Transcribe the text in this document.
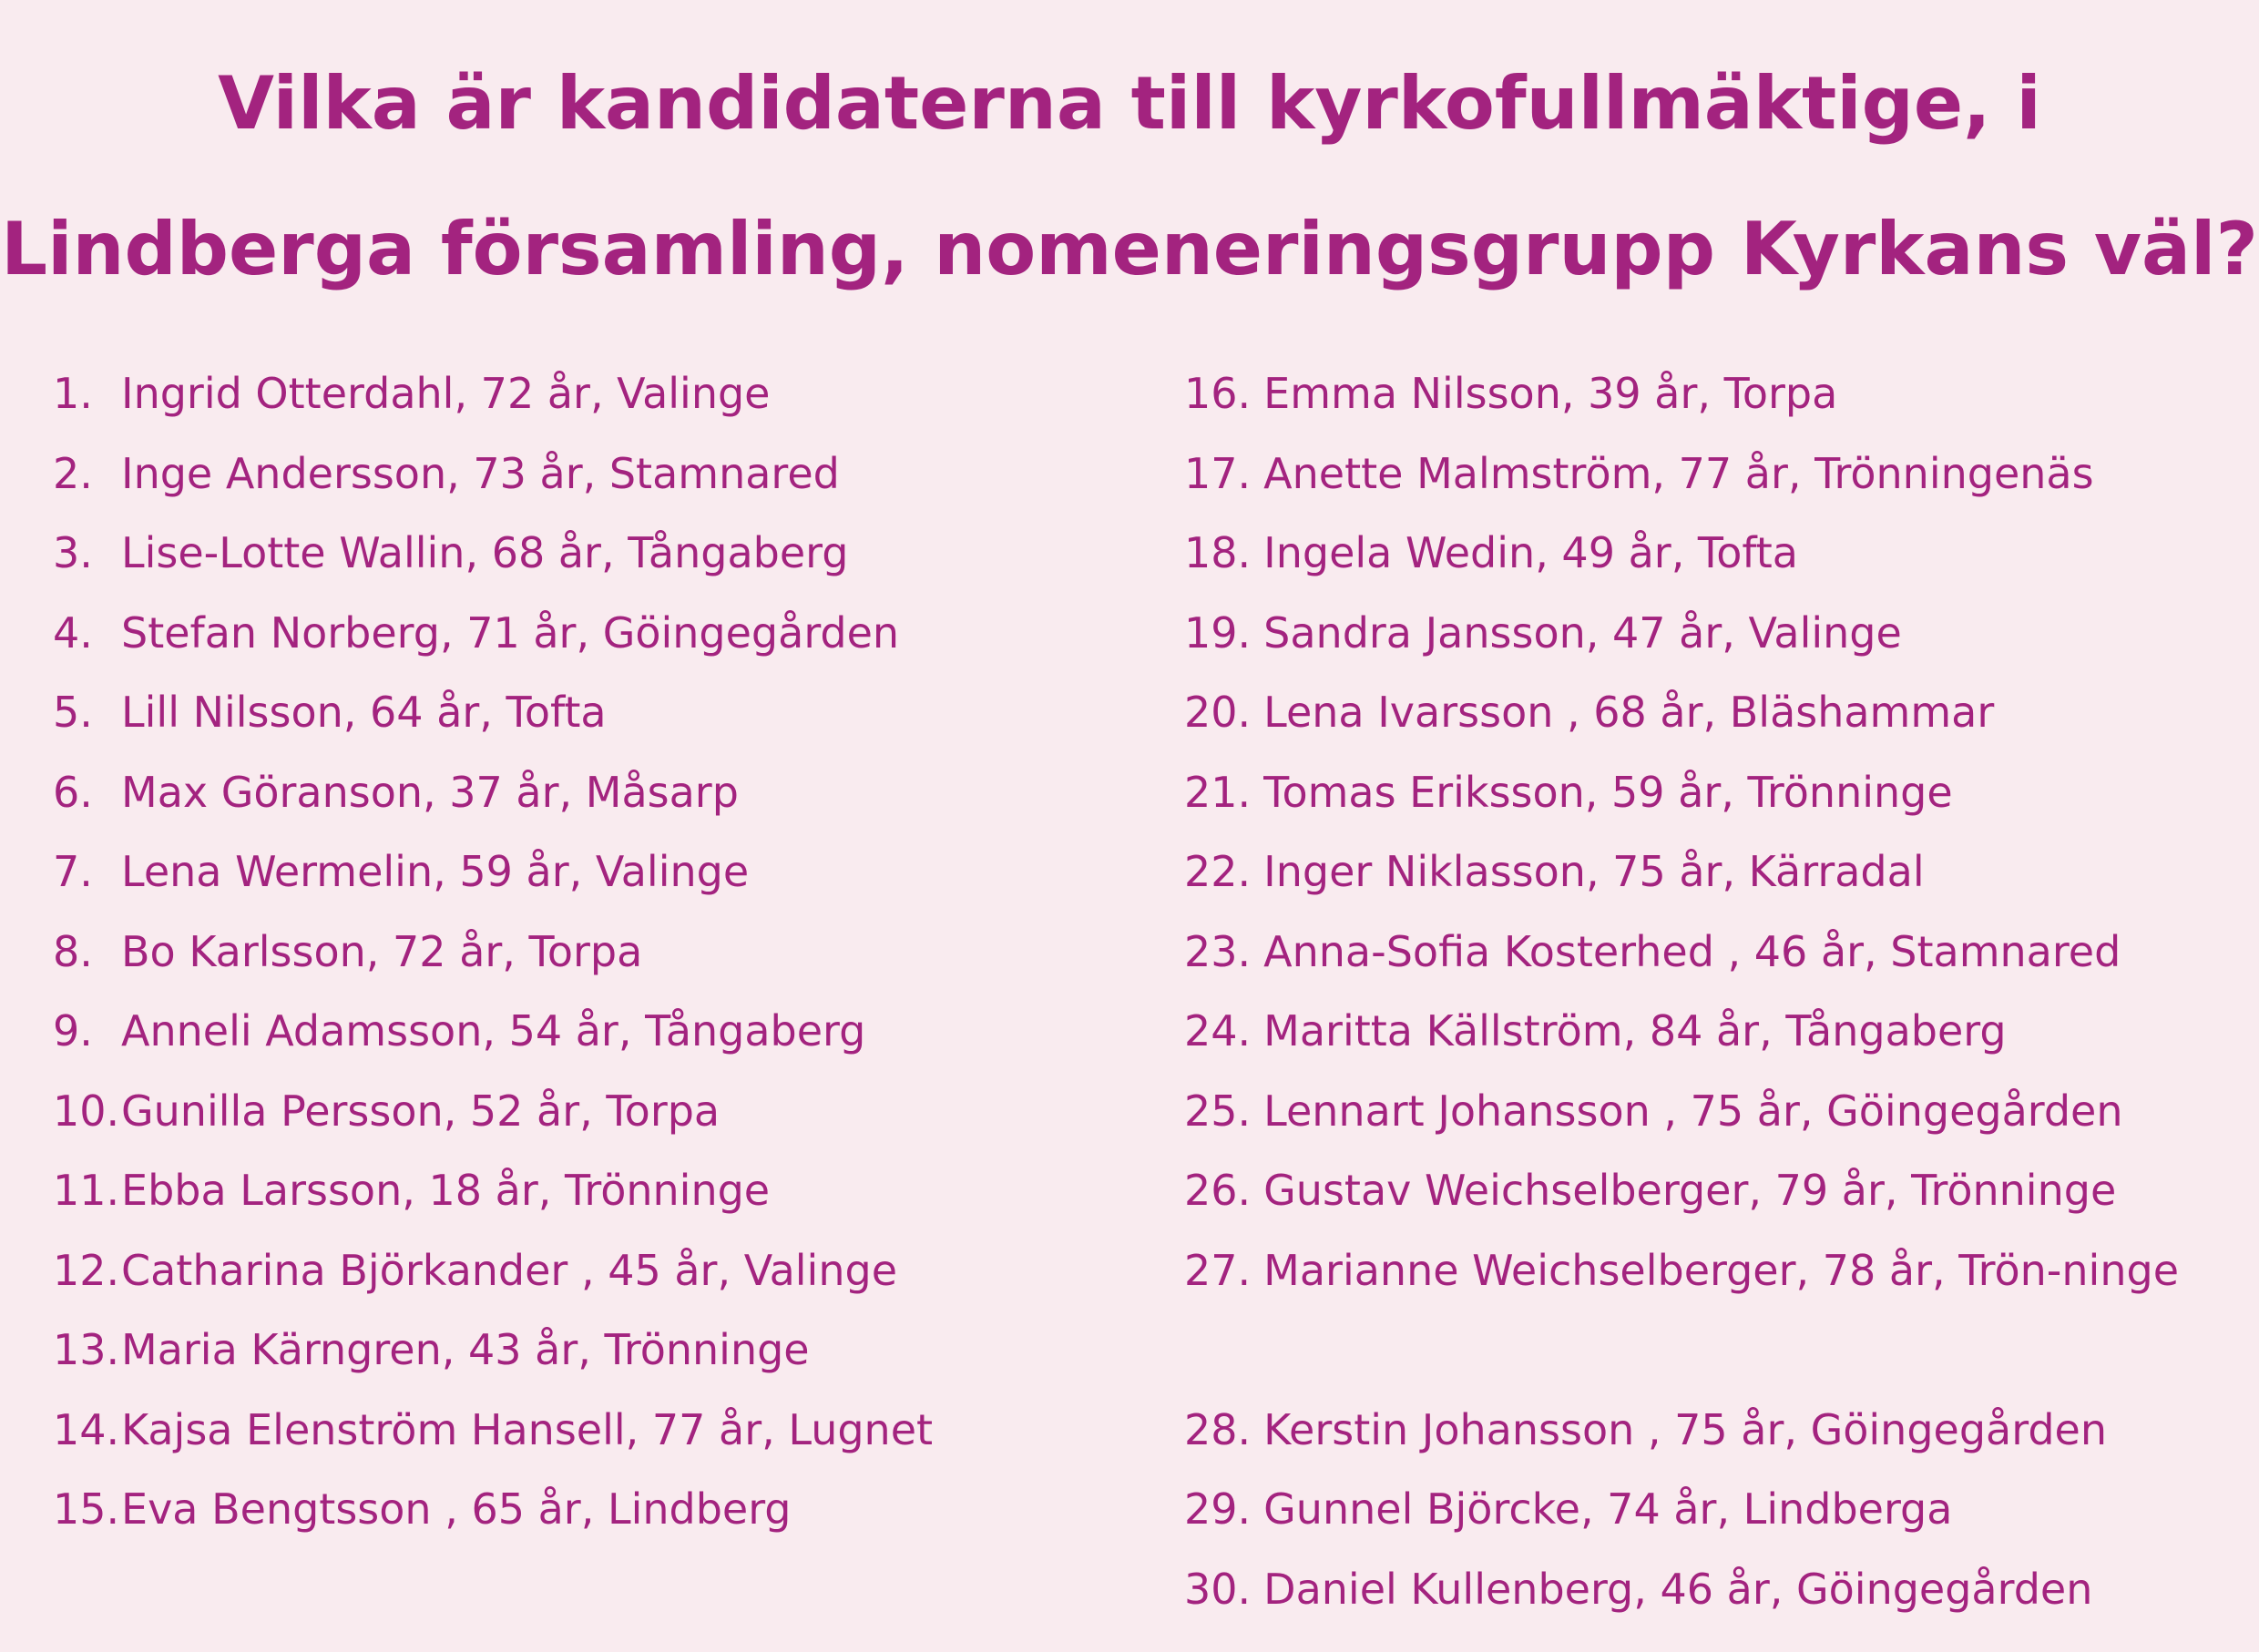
Vilka är kandidaterna till kyrkofullmäktige, i
Lindberga församling, nomeneringsgrupp Kyrkans väl?
1. Ingrid Otterdahl, 72 år, Valinge
2. Inge Andersson, 73 år, Stamnared
3. Lise-Lotte Wallin, 68 år, Tångaberg
4. Stefan Norberg, 71 år, Göingegården
5. Lill Nilsson, 64 år, Tofta
6. Max Göranson, 37 år, Måsarp
7. Lena Wermelin, 59 år, Valinge
8. Bo Karlsson, 72 år, Torpa
9. Anneli Adamsson, 54 år, Tångaberg
10.Gunilla Persson, 52 år, Torpa
11.Ebba Larsson, 18 år, Trönninge
12.Catharina Björkander , 45 år, Valinge
13.Maria Kärngren, 43 år, Trönninge
14.Kajsa Elenström Hansell, 77 år, Lugnet
15.Eva Bengtsson , 65 år, Lindberg
16. Emma Nilsson, 39 år, Torpa
17. Anette Malmström, 77 år, Trönningenäs
18. Ingela Wedin, 49 år, Tofta
19. Sandra Jansson, 47 år, Valinge
20. Lena Ivarsson , 68 år, Bläshammar
21. Tomas Eriksson, 59 år, Trönninge
22. Inger Niklasson, 75 år, Kärradal
23. Anna-Sofia Kosterhed , 46 år, Stamnared
24. Maritta Källström, 84 år, Tångaberg
25. Lennart Johansson , 75 år, Göingegården
26. Gustav Weichselberger, 79 år, Trönninge
27. Marianne Weichselberger, 78 år, Trön-ninge
28. Kerstin Johansson , 75 år, Göingegården
29. Gunnel Björcke, 74 år, Lindberga
30. Daniel Kullenberg, 46 år, Göingegården
